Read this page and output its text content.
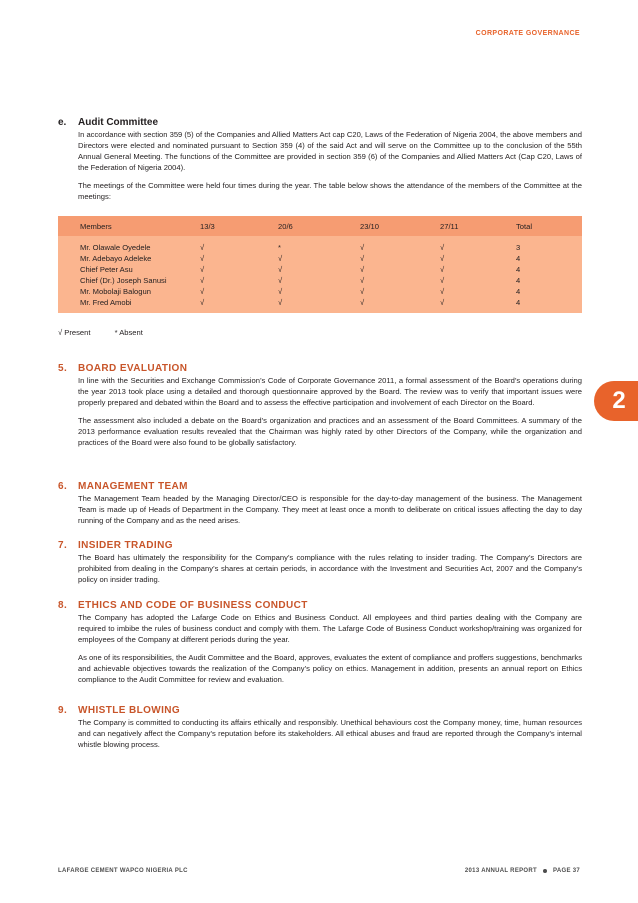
CORPORATE GOVERNANCE
e. Audit Committee
In accordance with section 359 (5) of the Companies and Allied Matters Act cap C20, Laws of the Federation of Nigeria 2004, the above members and Directors were elected and nominated pursuant to Section 359 (4) of the said Act and will serve on the Committee up to the conclusion of the 55th Annual General Meeting. The functions of the Committee are provided in section 359 (6) of the Companies and Allied Matters Act (Cap C20, Laws of the Federation of Nigeria 2004).
The meetings of the Committee were held four times during the year. The table below shows the attendance of the members of the Committee at the meetings:
Members	13/3	20/6	23/10	27/11	Total
Mr. Olawale Oyedele	√	*	√	√	3
Mr. Adebayo Adeleke	√	√	√	√	4
Chief Peter Asu	√	√	√	√	4
Chief (Dr.) Joseph Sanusi	√	√	√	√	4
Mr. Mobolaji Balogun	√	√	√	√	4
Mr. Fred Amobi	√	√	√	√	4
√ Present	* Absent
5. BOARD EVALUATION
In line with the Securities and Exchange Commission’s Code of Corporate Governance 2011, a formal assessment of the Board’s operations during the year 2013 took place using a detailed and thorough questionnaire approved by the Board. The review was to verify that important issues were properly prepared and debated within the Board and to assess the effective participation and involvement of each Director on the Board.
The assessment also included a debate on the Board’s organization and practices and an assessment of the Board Committees. A summary of the 2013 performance evaluation results revealed that the Chairman was highly rated by other Directors of the Company, while the organization and practices of the Board were also found to be globally satisfactory.
2
6. MANAGEMENT TEAM
The Management Team headed by the Managing Director/CEO is responsible for the day-to-day management of the business. The Management Team is made up of Heads of Department in the Company. They meet at least once a month to deliberate on critical issues affecting the day to day running of the Company and as the need arises.
7. INSIDER TRADING
The Board has ultimately the responsibility for the Company’s compliance with the rules relating to insider trading. The Company’s Directors are prohibited from dealing in the Company’s shares at certain periods, in accordance with the Investment and Securities Act, 2007 and the Company’s policy on insider trading.
8. ETHICS AND CODE OF BUSINESS CONDUCT
The Company has adopted the Lafarge Code on Ethics and Business Conduct. All employees and third parties dealing with the Company are required to imbibe the rules of business conduct and comply with them. The Lafarge Code of Business Conduct workshop/training was organized for employees of the Company at different periods during the year.
As one of its responsibilities, the Audit Committee and the Board, approves, evaluates the extent of compliance and proffers suggestions, benchmarks and achievable objectives towards the realization of the Company’s policy on ethics. Management in addition, presents an annual report on Ethics compliance to the Audit Committee for review and evaluation.
9. WHISTLE BLOWING
The Company is committed to conducting its affairs ethically and responsibly. Unethical behaviours cost the Company money, time, human resources and can negatively affect the Company’s reputation before its stakeholders. All ethical abuses and fraud are reported through the Company’s internal whistle blowing process.
LAFARGE CEMENT WAPCO NIGERIA PLC	2013 ANNUAL REPORT	PAGE 37
